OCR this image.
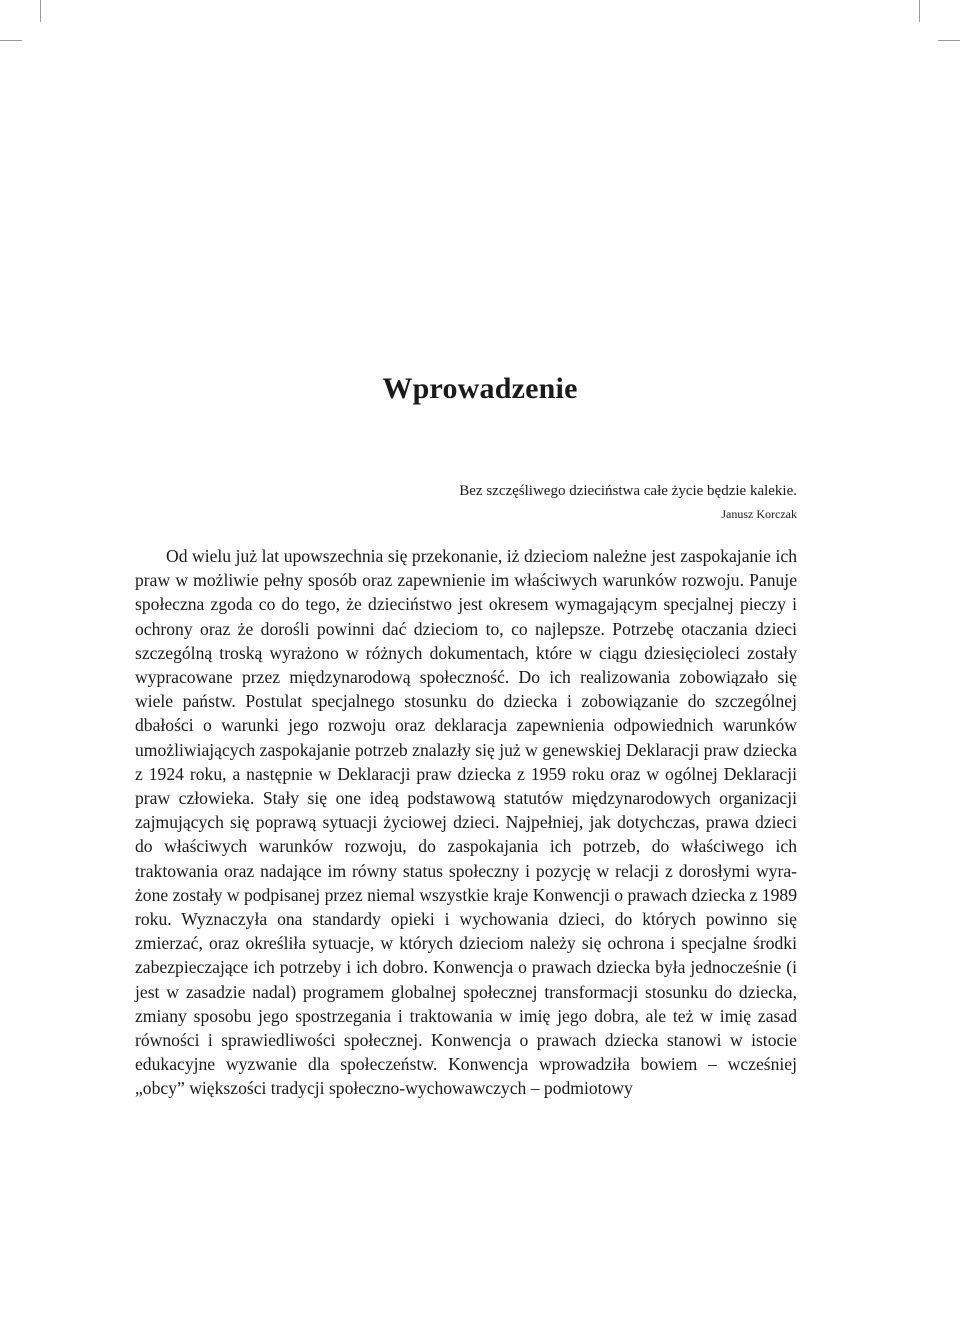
Wprowadzenie

Bez szczęśliwego dzieciństwa całe życie będzie kalekie.

Janusz Korczak

Od wielu już lat upowszechnia się przekonanie, iż dzieciom należne jest zaspokajanie ich praw w możliwie pełny sposób oraz zapewnienie im właściwych warunków rozwoju. Panuje społeczna zgoda co do tego, że dzieciństwo jest okresem wymagającym specjalnej pieczy i ochrony oraz że dorośli powinni dać dzieciom to, co najlepsze. Potrzebę otaczania dzieci szczególną troską wyrażono w różnych dokumentach, które w ciągu dziesięcioleci zostały wypracowane przez międzynarodową społeczność. Do ich realizowania zobowiązało się wiele państw. Postulat specjalnego stosunku do dziecka i zobowiązanie do szczególnej dbałości o warunki jego rozwoju oraz deklaracja zapewnienia odpowiednich warunków umożliwiających zaspokajanie potrzeb znalazły się już w genewskiej Deklaracji praw dziecka z 1924 roku, a następnie w Deklaracji praw dziecka z 1959 roku oraz w ogólnej Deklaracji praw człowieka. Stały się one ideą podstawową statutów międzynarodowych organizacji zajmujących się poprawą sytuacji życiowej dzieci. Najpełniej, jak dotychczas, prawa dzieci do właściwych warunków rozwoju, do zaspokajania ich potrzeb, do właściwego ich traktowania oraz nadające im równy status społeczny i pozycję w relacji z dorosłymi wyrażone zostały w podpisanej przez niemal wszystkie kraje Konwencji o prawach dziecka z 1989 roku. Wyznaczyła ona standardy opieki i wychowania dzieci, do których powinno się zmierzać, oraz określiła sytuacje, w których dzieciom należy się ochrona i specjalne środki zabezpieczające ich potrzeby i ich dobro. Konwencja o prawach dziecka była jednocześnie (i jest w zasadzie nadal) programem globalnej społecznej transformacji stosunku do dziecka, zmiany sposobu jego spostrzegania i traktowania w imię jego dobra, ale też w imię zasad równości i sprawiedliwości społecznej. Konwencja o prawach dziecka stanowi w istocie edukacyjne wyzwanie dla społeczeństw. Konwencja wprowadziła bowiem – wcześniej „obcy” większości tradycji społeczno-wychowawczych – podmiotowy
